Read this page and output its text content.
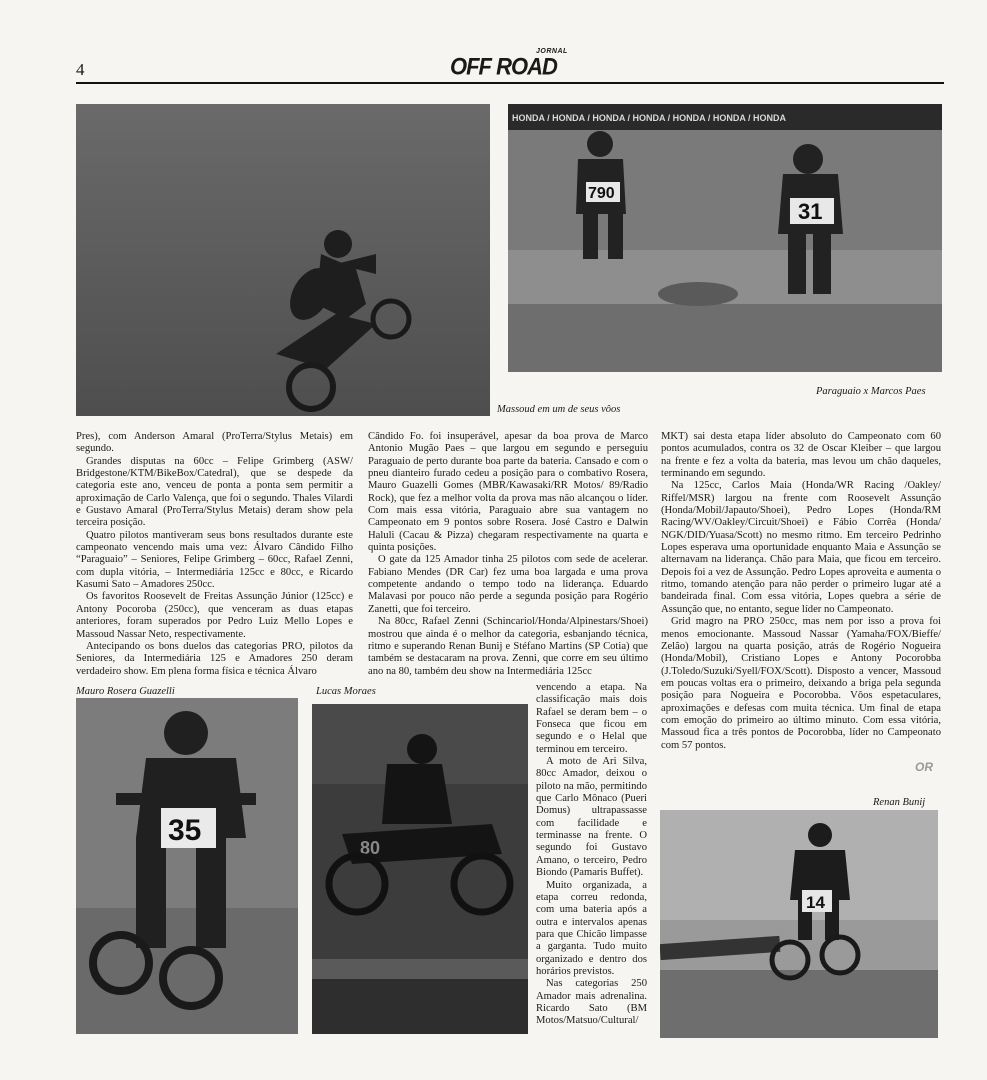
4
JORNAL
OFF ROAD
Massoud em um de seus vôos
HONDA / HONDA / HONDA / HONDA / HONDA / HONDA / HONDA
790
31
Paraguaio x Marcos Paes

Pres), com Anderson Amaral (ProTerra/Stylus Metais) em segundo.

Grandes disputas na 60cc – Felipe Grimberg (ASW/ Bridgestone/KTM/BikeBox/Catedral), que se despede da categoria este ano, venceu de ponta a ponta sem permitir a aproximação de Carlo Valença, que foi o segundo. Thales Vilardi e Gustavo Amaral (ProTerra/Stylus Metais) deram show pela terceira posição.

Quatro pilotos mantiveram seus bons resultados durante este campeonato vencendo mais uma vez: Álvaro Cândido Filho “Paraguaio” – Seniores, Felipe Grimberg – 60cc, Rafael Zenni, com dupla vitória, – Intermediária 125cc e 80cc, e Ricardo Kasumi Sato – Amadores 250cc.

Os favoritos Roosevelt de Freitas Assunção Júnior (125cc) e Antony Pocoroba (250cc), que venceram as duas etapas anteriores, foram superados por Pedro Luiz Mello Lopes e Massoud Nassar Neto, respectivamente.

Antecipando os bons duelos das categorias PRO, pilotos da Seniores, da Intermediária 125 e Amadores 250 deram verdadeiro show. Em plena forma física e técnica Álvaro

Cândido Fo. foi insuperável, apesar da boa prova de Marco Antonio Mugão Paes – que largou em segundo e perseguiu Paraguaio de perto durante boa parte da bateria. Cansado e com o pneu dianteiro furado cedeu a posição para o combativo Rosera, Mauro Guazelli Gomes (MBR/Kawasaki/RR Motos/ 89/Radio Rock), que fez a melhor volta da prova mas não alcançou o líder. Com mais essa vitória, Paraguaio abre sua vantagem no Campeonato em 9 pontos sobre Rosera. José Castro e Dalwin Haluli (Cacau & Pizza) chegaram respectivamente na quarta e quinta posições.

O gate da 125 Amador tinha 25 pilotos com sede de acelerar. Fabiano Mendes (DR Car) fez uma boa largada e uma prova competente andando o tempo todo na liderança. Eduardo Malavasi por pouco não perde a segunda posição para Rogério Zanetti, que foi terceiro.

Na 80cc, Rafael Zenni (Schincariol/Honda/Alpinestars/Shoei) mostrou que ainda é o melhor da categoria, esbanjando técnica, ritmo e superando Renan Bunij e Stéfano Martins (SP Cotia) que também se destacaram na prova. Zenni, que corre em seu último ano na 80, também deu show na Intermediária 125cc

vencendo a etapa. Na classificação mais dois Rafael se deram bem – o Fonseca que ficou em segundo e o Helal que terminou em terceiro.

A moto de Ari Silva, 80cc Amador, deixou o piloto na mão, permitindo que Carlo Mônaco (Pueri Domus) ultrapassasse com facilidade e terminasse na frente. O segundo foi Gustavo Amano, o terceiro, Pedro Biondo (Pamaris Buffet).

Muito organizada, a etapa correu redonda, com uma bateria após a outra e intervalos apenas para que Chicão limpasse a garganta. Tudo muito organizado e dentro dos horários previstos.

Nas categorias 250 Amador mais adrenalina. Ricardo Sato (BM Motos/Matsuo/Cultural/

MKT) sai desta etapa líder absoluto do Campeonato com 60 pontos acumulados, contra os 32 de Oscar Kleiber – que largou na frente e fez a volta da bateria, mas levou um chão daqueles, terminando em segundo.

Na 125cc, Carlos Maia (Honda/WR Racing /Oakley/ Riffel/MSR) largou na frente com Roosevelt Assunção (Honda/Mobil/Japauto/Shoei), Pedro Lopes (Honda/RM Racing/WV/Oakley/Circuit/Shoei) e Fábio Corrêa (Honda/ NGK/DID/Yuasa/Scott) no mesmo ritmo. Em terceiro Pedrinho Lopes esperava uma oportunidade enquanto Maia e Assunção se alternavam na liderança. Chão para Maia, que ficou em terceiro. Depois foi a vez de Assunção. Pedro Lopes aproveita e aumenta o ritmo, tomando atenção para não perder o primeiro lugar até a bandeirada final. Com essa vitória, Lopes quebra a série de Assunção que, no entanto, segue líder no Campeonato.

Grid magro na PRO 250cc, mas nem por isso a prova foi menos emocionante. Massoud Nassar (Yamaha/FOX/Bieffe/ Zelão) largou na quarta posição, atrás de Rogério Nogueira (Honda/Mobil), Cristiano Lopes e Antony Pocorobba (J.Toledo/Suzuki/Syell/FOX/Scott). Disposto a vencer, Massoud em poucas voltas era o primeiro, deixando a briga pela segunda posição para Nogueira e Pocorobba. Vôos espetaculares, aproximações e defesas com muita técnica. Um final de etapa com emoção do primeiro ao último minuto. Com essa vitória, Massoud fica a três pontos de Pocorobba, líder no Campeonato com 57 pontos.

OR
Mauro Rosera Guazelli	Lucas Moraes
Renan Bunij
35
80
14
